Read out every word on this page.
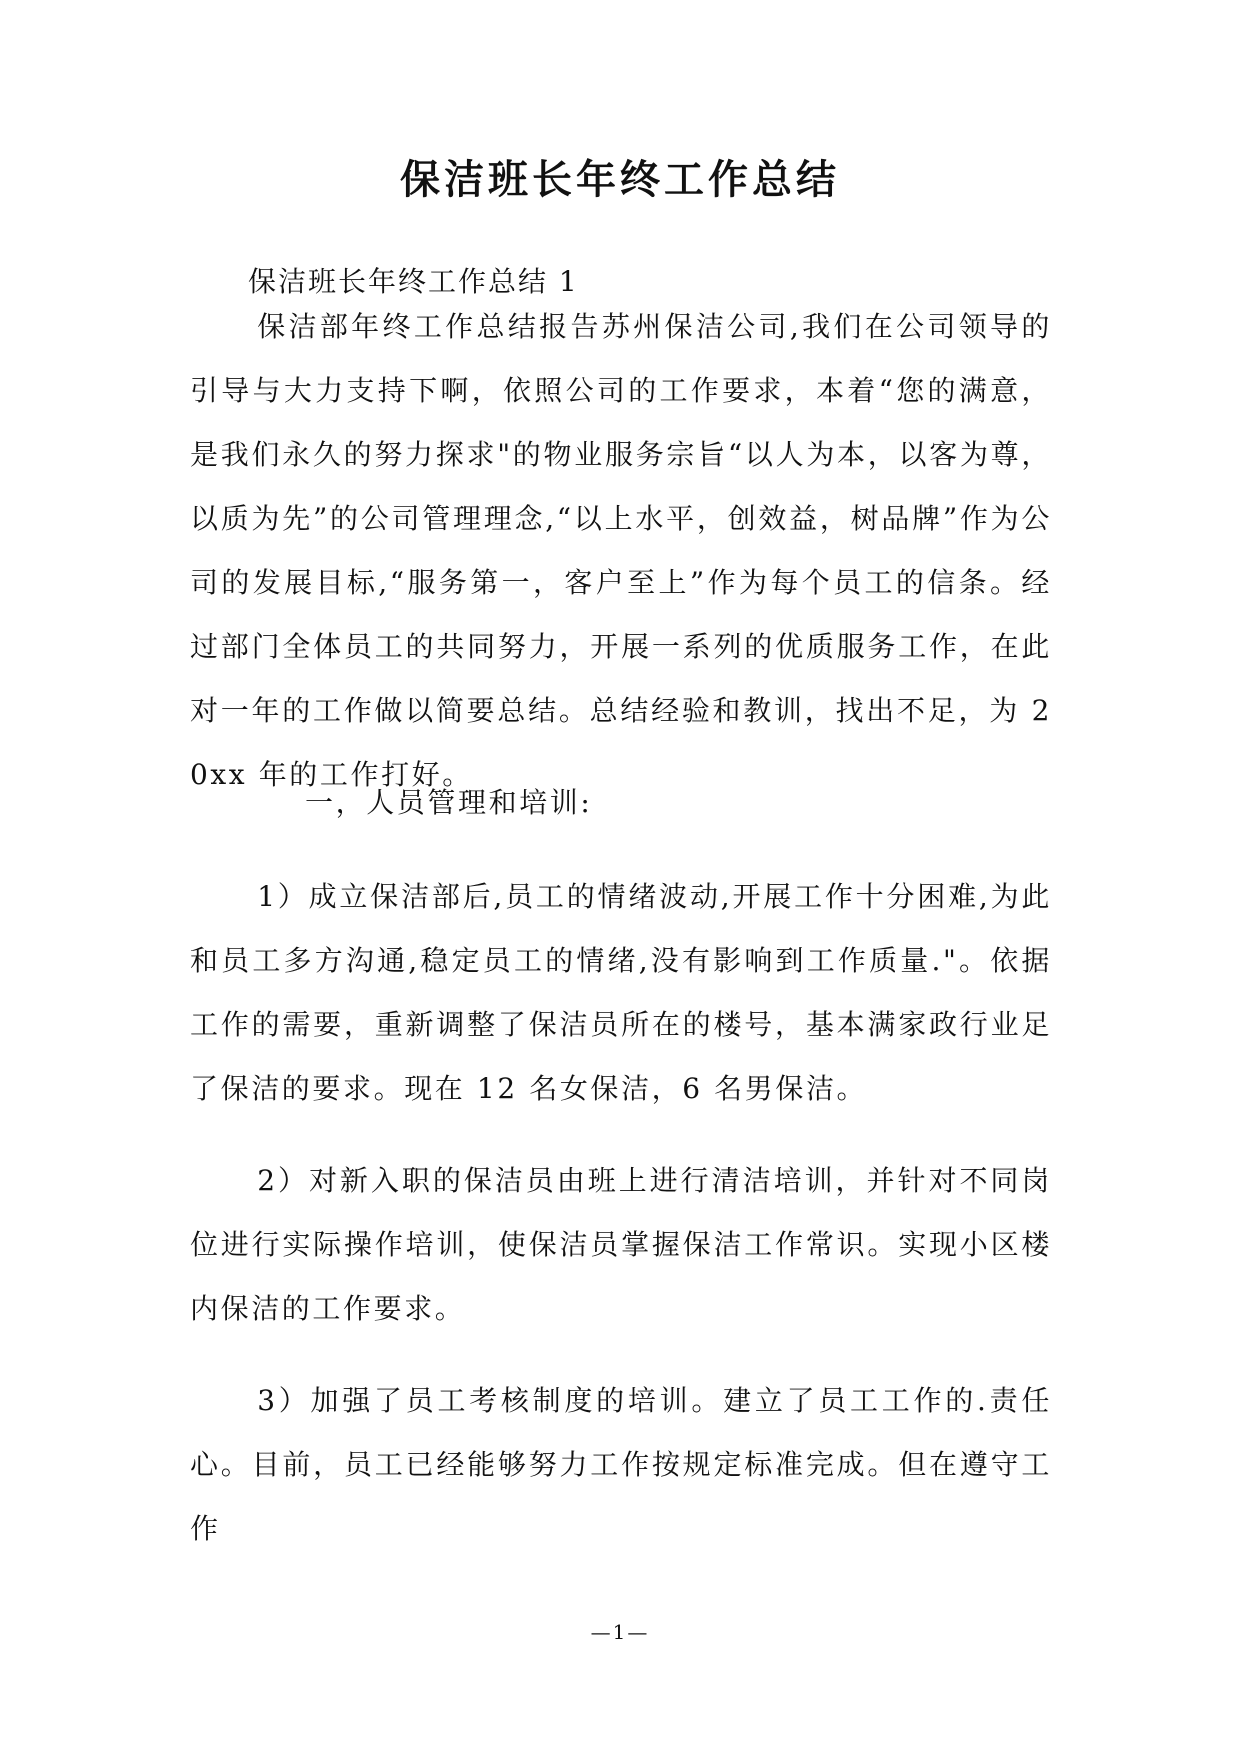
保洁班长年终工作总结
保洁班长年终工作总结 1

保洁部年终工作总结报告苏州保洁公司,我们在公司领导的引导与大力支持下啊，依照公司的工作要求，本着“您的满意，是我们永久的努力探求"的物业服务宗旨“以人为本，以客为尊，以质为先”的公司管理理念,“以上水平，创效益，树品牌”作为公司的发展目标,“服务第一，客户至上”作为每个员工的信条。经过部门全体员工的共同努力，开展一系列的优质服务工作，在此对一年的工作做以简要总结。总结经验和教训，找出不足，为 20xx 年的工作打好。

一，人员管理和培训:

1）成立保洁部后,员工的情绪波动,开展工作十分困难,为此和员工多方沟通,稳定员工的情绪,没有影响到工作质量."。依据工作的需要，重新调整了保洁员所在的楼号，基本满家政行业足了保洁的要求。现在 12 名女保洁，6 名男保洁。

2）对新入职的保洁员由班上进行清洁培训，并针对不同岗位进行实际操作培训，使保洁员掌握保洁工作常识。实现小区楼内保洁的工作要求。

3）加强了员工考核制度的培训。建立了员工工作的.责任心。目前，员工已经能够努力工作按规定标准完成。但在遵守工作

—1—
